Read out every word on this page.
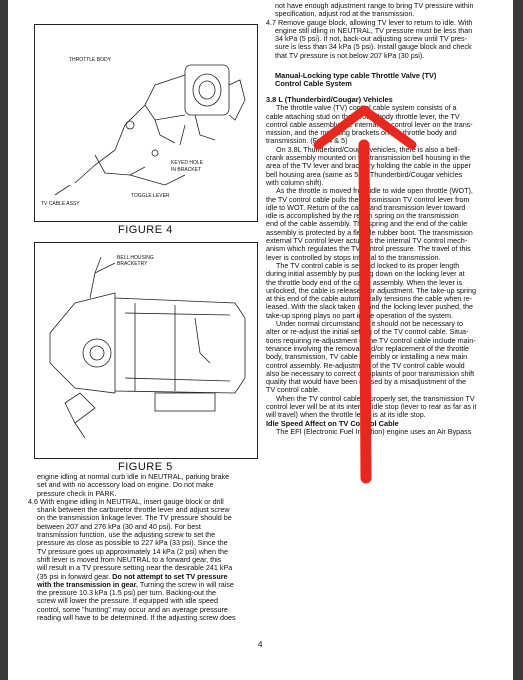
THROTTLE BODY
KEYED HOLE
IN BRACKET
TOGGLE LEVER
TV CABLE ASSY
FIGURE 4
BELL HOUSING
BRACKETRY
FIGURE 5

engine idling at normal curb idle in NEUTRAL, parking brake

set and with no accessory load on engine. Do not make

pressure check in PARK.

4.6 With engine idling in NEUTRAL, insert gauge block or drill

shank between the carburetor throttle lever and adjust screw

on the transmission linkage lever. The TV pressure should be

between 207 and 276 kPa (30 and 40 psi). For best

transmission function, use the adjusting screw to set the

pressure as close as possible to 227 kPa (33 psi). Since the

TV pressure goes up approximately 14 kPa (2 psi) when the

shift lever is moved from NEUTRAL to a forward gear, this

will result in a TV pressure setting near the desirable 241 kPa

(35 psi in forward gear. Do not attempt to set TV pressure

with the transmission in gear. Turning the screw in will raise

the pressure 10.3 kPa (1.5 psi) per turn. Backing-out the

screw will lower the pressure. If equipped with idle speed

control, some "hunting" may occur and an average pressure

reading will have to be determined. If the adjusting screw does

not have enough adjustment range to bring TV pressure within

specification, adjust rod at the transmission.

4.7 Remove gauge block, allowing TV lever to return to idle. With

engine still idling in NEUTRAL, TV pressure must be less than

34 kPa (5 psi). If not, back-out adjusting screw until TV pres-

sure is less than 34 kPa (5 psi). Install gauge block and check

that TV pressure is not below 207 kPa (30 psi).

Manual-Locking type cable Throttle Valve (TV)

Control Cable System

3.8 L (Thunderbird/Cougar) Vehicles

The throttle valve (TV) control cable system consists of a

cable attaching stud on the throttle body throttle lever, the TV

control cable assembly, the internal TV control lever on the trans-

mission, and the mounting brackets on the throttle body and

transmission. (Figs 4 & 5)

On 3.8L Thunderbird/Cougar vehicles, there is also a bell-

crank assembly mounted on the transmission bell housing in the

area of the TV lever and bracketry holding the cable in the upper

bell housing area (same as 5.0L Thunderbird/Cougar vehicles

with column shift).

As the throttle is moved from idle to wide open throttle (WOT),

the TV control cable pulls the transmission TV control lever from

idle to WOT. Return of the cable and transmission lever toward

idle is accomplished by the return spring on the transmission

end of the cable assembly. This spring and the end of the cable

assembly is protected by a flexible rubber boot. The transmission

external TV control lever actuates the internal TV control mech-

anism which regulates the TV control pressure. The travel of this

lever is controlled by stops internal to the transmission.

The TV control cable is set and locked to its proper length

during initial assembly by pushing down on the locking lever at

the throttle body end of the cable assembly. When the lever is

unlocked, the cable is released for adjustment. The take-up spring

at this end of the cable automatically tensions the cable when re-

leased. With the slack taken up and the locking lever pushed, the

take-up spring plays no part in the operation of the system.

Under normal circumstances, it should not be necessary to

alter or re-adjust the initial setting of the TV control cable. Situa-

tions requiring re-adjustment of the TV control cable include main-

tenance involving the removal and/or replacement of the throttle

body, transmission, TV cable assembly or installing a new main

control assembly. Re-adjustment of the TV control cable would

also be necessary to correct complaints of poor transmission shift

quality that would have been caused by a misadjustment of the

TV control cable.

When the TV control cable is properly set, the transmission TV

control lever will be at its internal idle stop (lever to rear as far as it

will travel) when the throttle lever is at its idle stop.

Idle Speed Affect on TV Control Cable

The EFI (Electronic Fuel Injection) engine uses an Air Bypass

4
